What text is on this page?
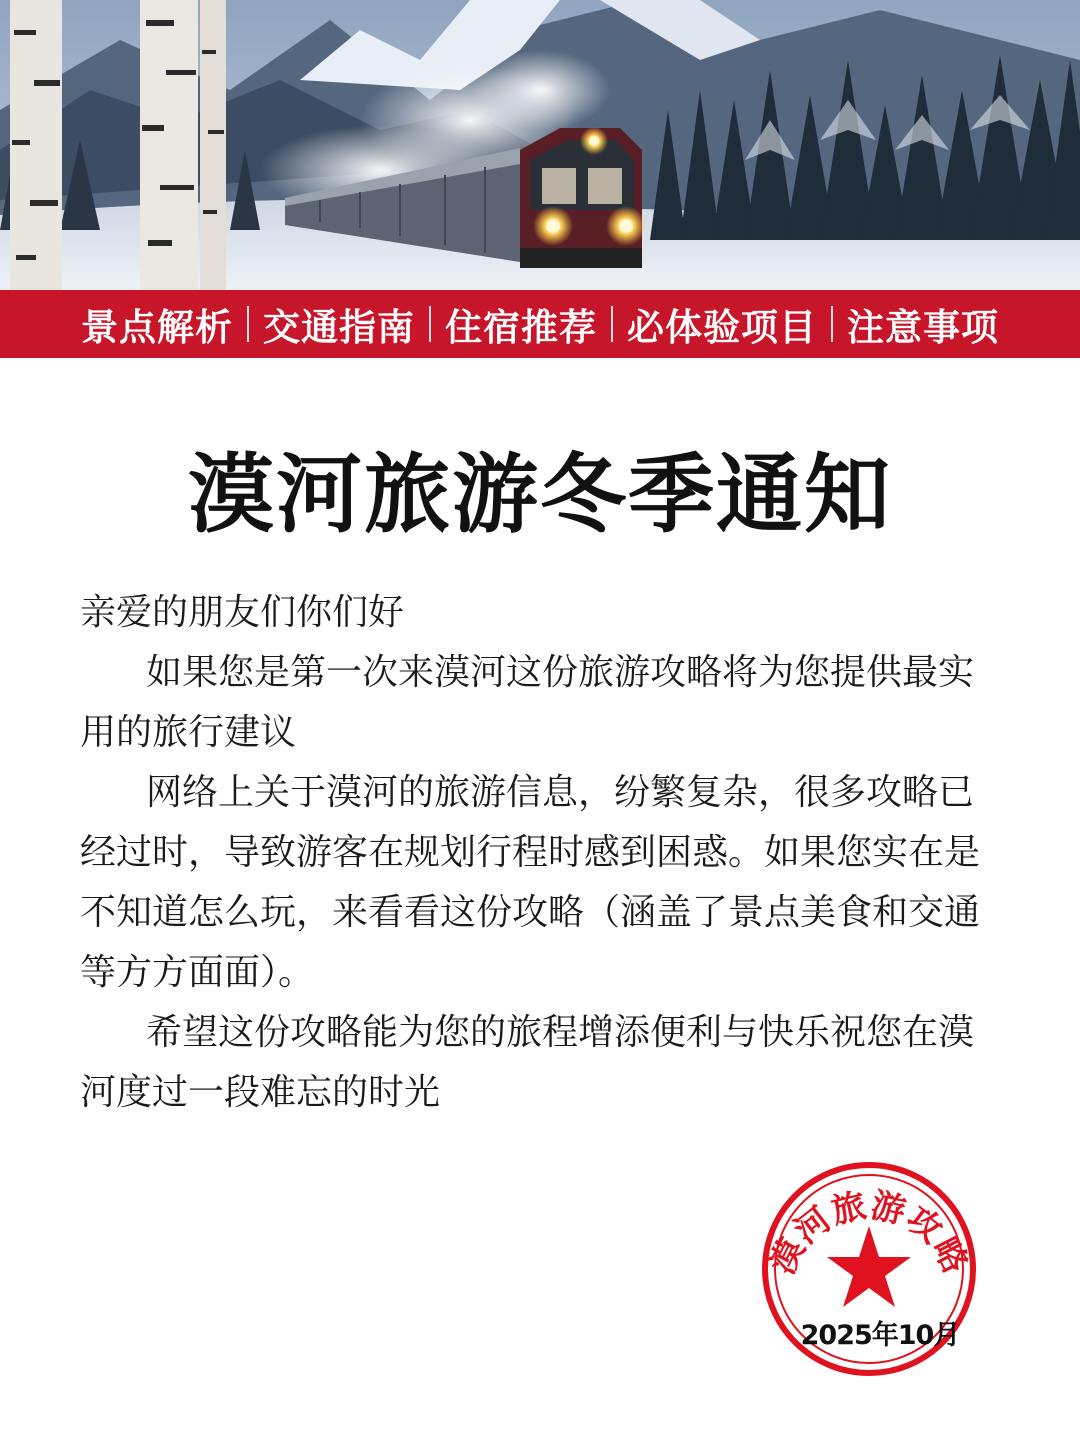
景点解析 交通指南 住宿推荐 必体验项目 注意事项
漠河旅游冬季通知

亲爱的朋友们你们好

如果您是第一次来漠河这份旅游攻略将为您提供最实用的旅行建议

网络上关于漠河的旅游信息，纷繁复杂，很多攻略已经过时，导致游客在规划行程时感到困惑。如果您实在是不知道怎么玩，来看看这份攻略（涵盖了景点美食和交通等方方面面）。

希望这份攻略能为您的旅程增添便利与快乐祝您在漠河度过一段难忘的时光

漠河旅游攻略
2025年10月
